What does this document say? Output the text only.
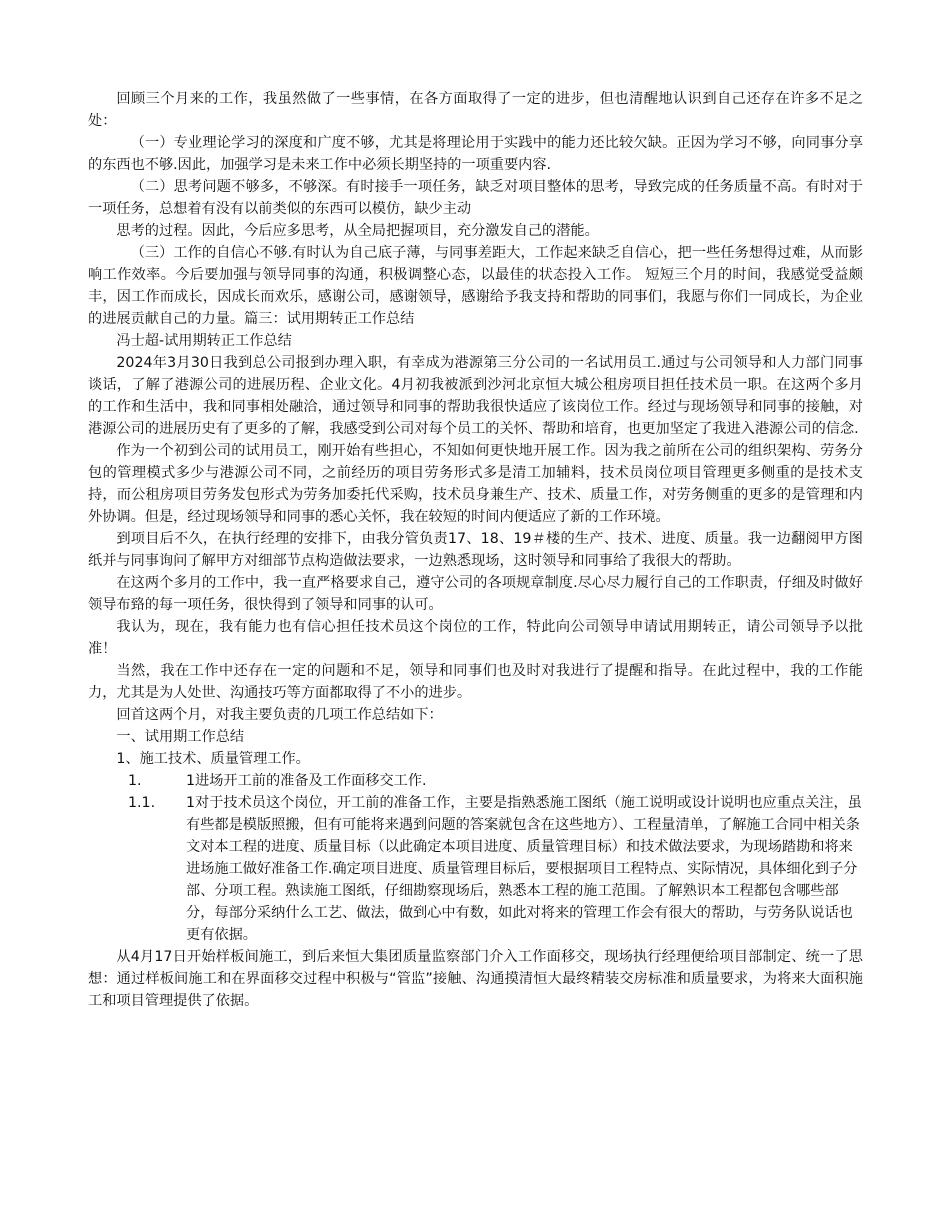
回顾三个月来的工作，我虽然做了一些事情，在各方面取得了一定的进步，但也清醒地认识到自己还存在许多不足之处：

（一）专业理论学习的深度和广度不够，尤其是将理论用于实践中的能力还比较欠缺。正因为学习不够，向同事分享的东西也不够.因此，加强学习是未来工作中必须长期坚持的一项重要内容.

（二）思考问题不够多，不够深。有时接手一项任务，缺乏对项目整体的思考，导致完成的任务质量不高。有时对于一项任务，总想着有没有以前类似的东西可以模仿，缺少主动

思考的过程。因此，今后应多思考，从全局把握项目，充分激发自己的潜能。

（三）工作的自信心不够.有时认为自己底子薄，与同事差距大，工作起来缺乏自信心，把一些任务想得过难，从而影响工作效率。今后要加强与领导同事的沟通，积极调整心态，以最佳的状态投入工作。 短短三个月的时间，我感觉受益颇丰，因工作而成长，因成长而欢乐，感谢公司，感谢领导，感谢给予我支持和帮助的同事们，我愿与你们一同成长，为企业的进展贡献自己的力量。篇三：试用期转正工作总结

冯士超-试用期转正工作总结

2024年3月30日我到总公司报到办理入职，有幸成为港源第三分公司的一名试用员工.通过与公司领导和人力部门同事谈话，了解了港源公司的进展历程、企业文化。4月初我被派到沙河北京恒大城公租房项目担任技术员一职。在这两个多月的工作和生活中，我和同事相处融洽，通过领导和同事的帮助我很快适应了该岗位工作。经过与现场领导和同事的接触，对港源公司的进展历史有了更多的了解，我感受到公司对每个员工的关怀、帮助和培育，也更加坚定了我进入港源公司的信念.

作为一个初到公司的试用员工，刚开始有些担心，不知如何更快地开展工作。因为我之前所在公司的组织架构、劳务分包的管理模式多少与港源公司不同，之前经历的项目劳务形式多是清工加辅料，技术员岗位项目管理更多侧重的是技术支持，而公租房项目劳务发包形式为劳务加委托代采购，技术员身兼生产、技术、质量工作，对劳务侧重的更多的是管理和内外协调。但是，经过现场领导和同事的悉心关怀，我在较短的时间内便适应了新的工作环境。

到项目后不久，在执行经理的安排下，由我分管负责17、18、19＃楼的生产、技术、进度、质量。我一边翻阅甲方图纸并与同事询问了解甲方对细部节点构造做法要求，一边熟悉现场，这时领导和同事给了我很大的帮助。

在这两个多月的工作中，我一直严格要求自己，遵守公司的各项规章制度.尽心尽力履行自己的工作职责，仔细及时做好领导布臵的每一项任务，很快得到了领导和同事的认可。

我认为，现在，我有能力也有信心担任技术员这个岗位的工作，特此向公司领导申请试用期转正，请公司领导予以批准！

当然，我在工作中还存在一定的问题和不足，领导和同事们也及时对我进行了提醒和指导。在此过程中，我的工作能力，尤其是为人处世、沟通技巧等方面都取得了不小的进步。

回首这两个月，对我主要负责的几项工作总结如下：

一、试用期工作总结

1、施工技术、质量管理工作。

1.	1进场开工前的准备及工作面移交工作.
1.1.	1对于技术员这个岗位，开工前的准备工作，主要是指熟悉施工图纸（施工说明或设计说明也应重点关注，虽有些都是模版照搬，但有可能将来遇到问题的答案就包含在这些地方）、工程量清单，了解施工合同中相关条文对本工程的进度、质量目标（以此确定本项目进度、质量管理目标）和技术做法要求，为现场踏勘和将来进场施工做好准备工作.确定项目进度、质量管理目标后，要根据项目工程特点、实际情况，具体细化到子分部、分项工程。熟读施工图纸，仔细勘察现场后，熟悉本工程的施工范围。了解熟识本工程都包含哪些部分，每部分采纳什么工艺、做法，做到心中有数，如此对将来的管理工作会有很大的帮助，与劳务队说话也更有依据。

从4月17日开始样板间施工，到后来恒大集团质量监察部门介入工作面移交，现场执行经理便给项目部制定、统一了思想：通过样板间施工和在界面移交过程中积极与“管监”接触、沟通摸清恒大最终精装交房标准和质量要求，为将来大面积施工和项目管理提供了依据。
